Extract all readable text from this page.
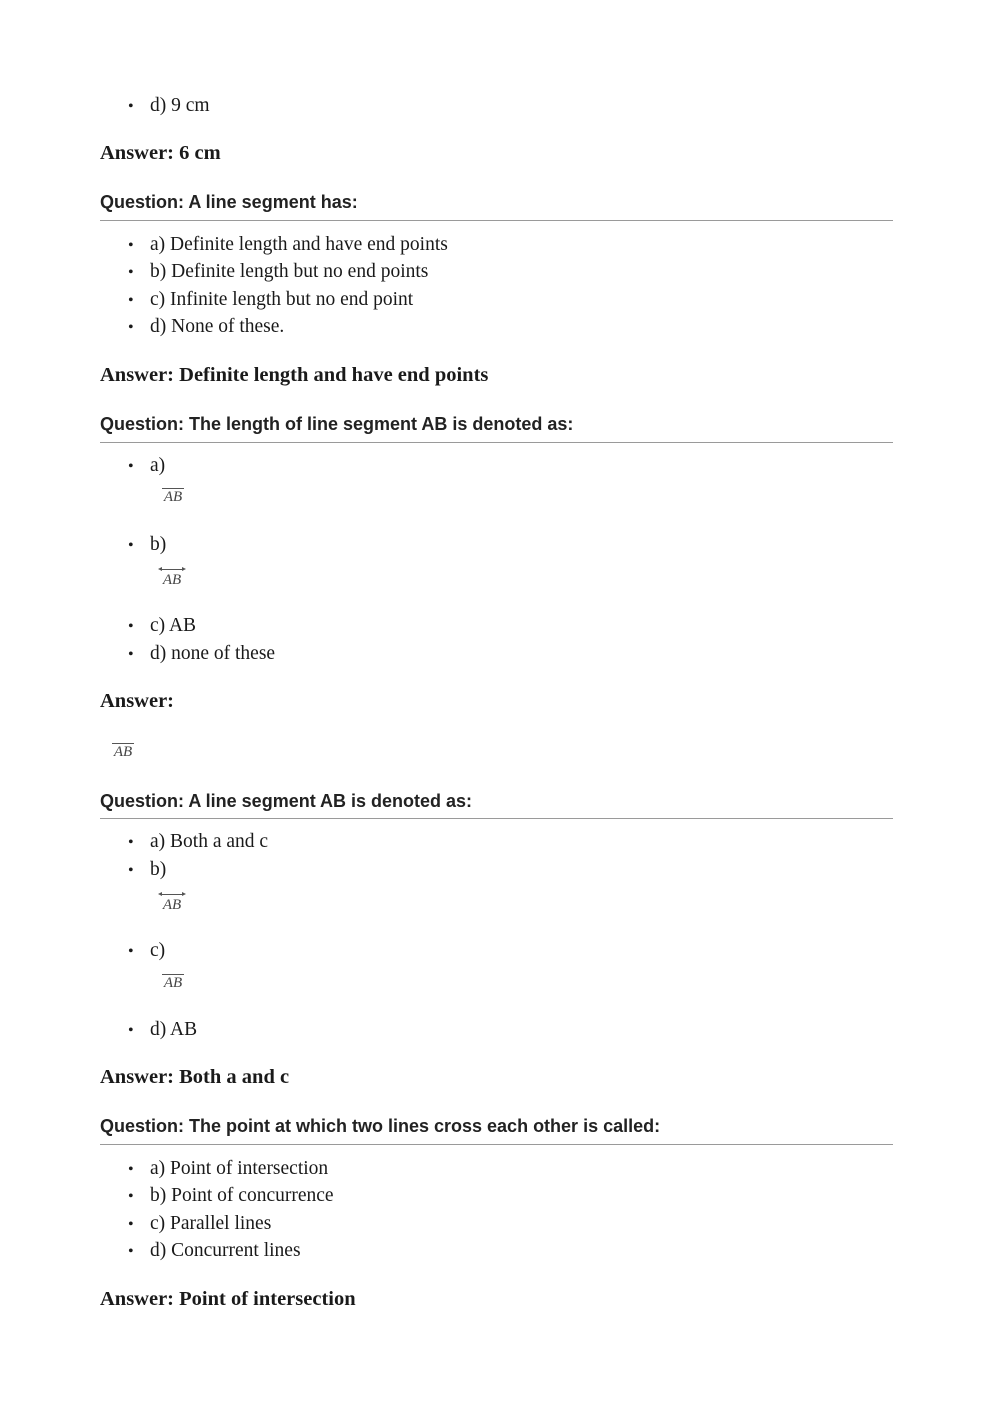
• d) 9 cm
Answer: 6 cm
Question: A line segment has:
• a) Definite length and have end points
• b) Definite length but no end points
• c) Infinite length but no end point
• d) None of these.
Answer: Definite length and have end points
Question: The length of line segment AB is denoted as:
• a)
AB
• b)
AB
• c) AB
• d) none of these
Answer:
AB
Question: A line segment AB is denoted as:
• a) Both a and c
• b)
AB
• c)
AB
• d) AB
Answer: Both a and c
Question: The point at which two lines cross each other is called:
• a) Point of intersection
• b) Point of concurrence
• c) Parallel lines
• d) Concurrent lines
Answer: Point of intersection
